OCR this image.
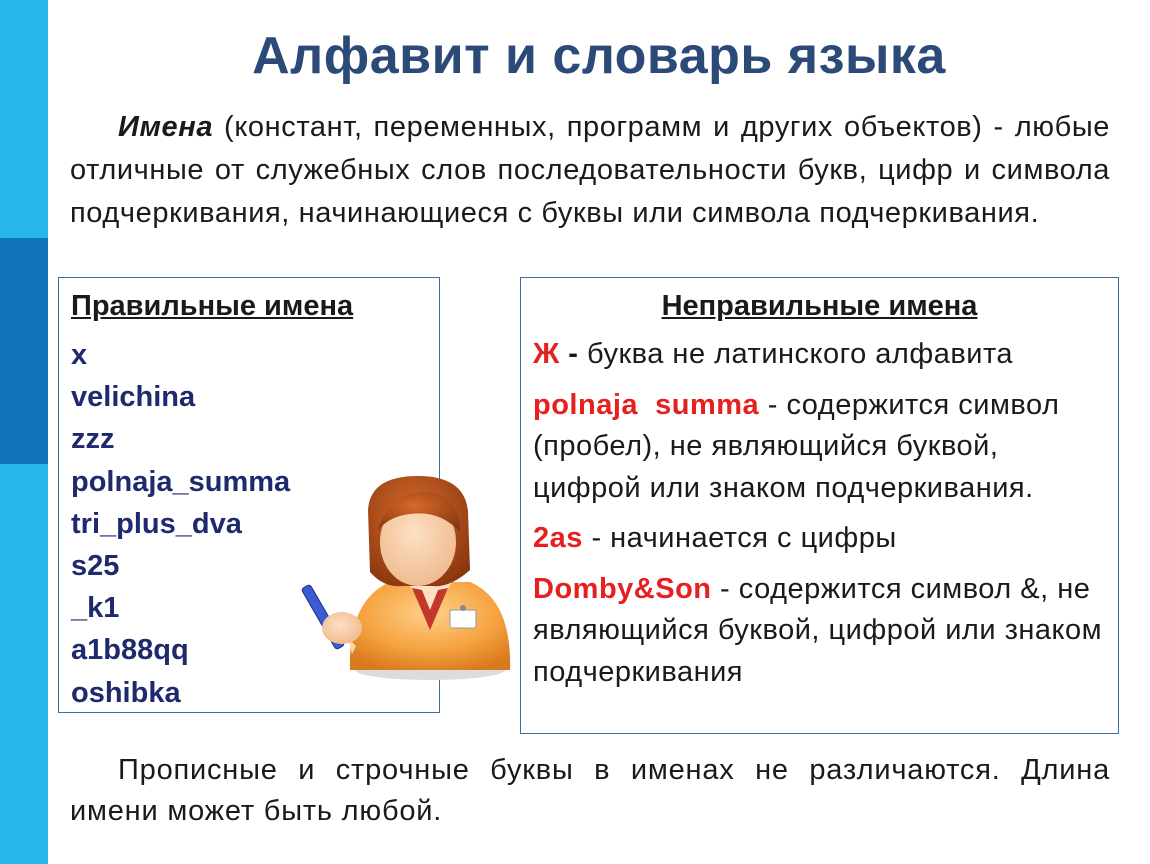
Алфавит и словарь языка
Имена (констант, переменных, программ и других объектов) - любые отличные от служебных слов последовательности букв, цифр и символа подчеркивания, начинающиеся с буквы или символа подчеркивания.
Правильные имена
x
velichina
zzz
polnaja_summa
tri_plus_dva
s25
_k1
a1b88qq
oshibka
Неправильные имена
Ж - буква не латинского алфавита
polnaja  summa - содержится символ (пробел), не являющийся буквой, цифрой или знаком подчеркивания.
2as - начинается с цифры
Domby&Son - содержится символ &, не являющийся буквой, цифрой или знаком подчеркивания
Прописные и строчные буквы в именах не различаются. Длина имени может быть любой.
